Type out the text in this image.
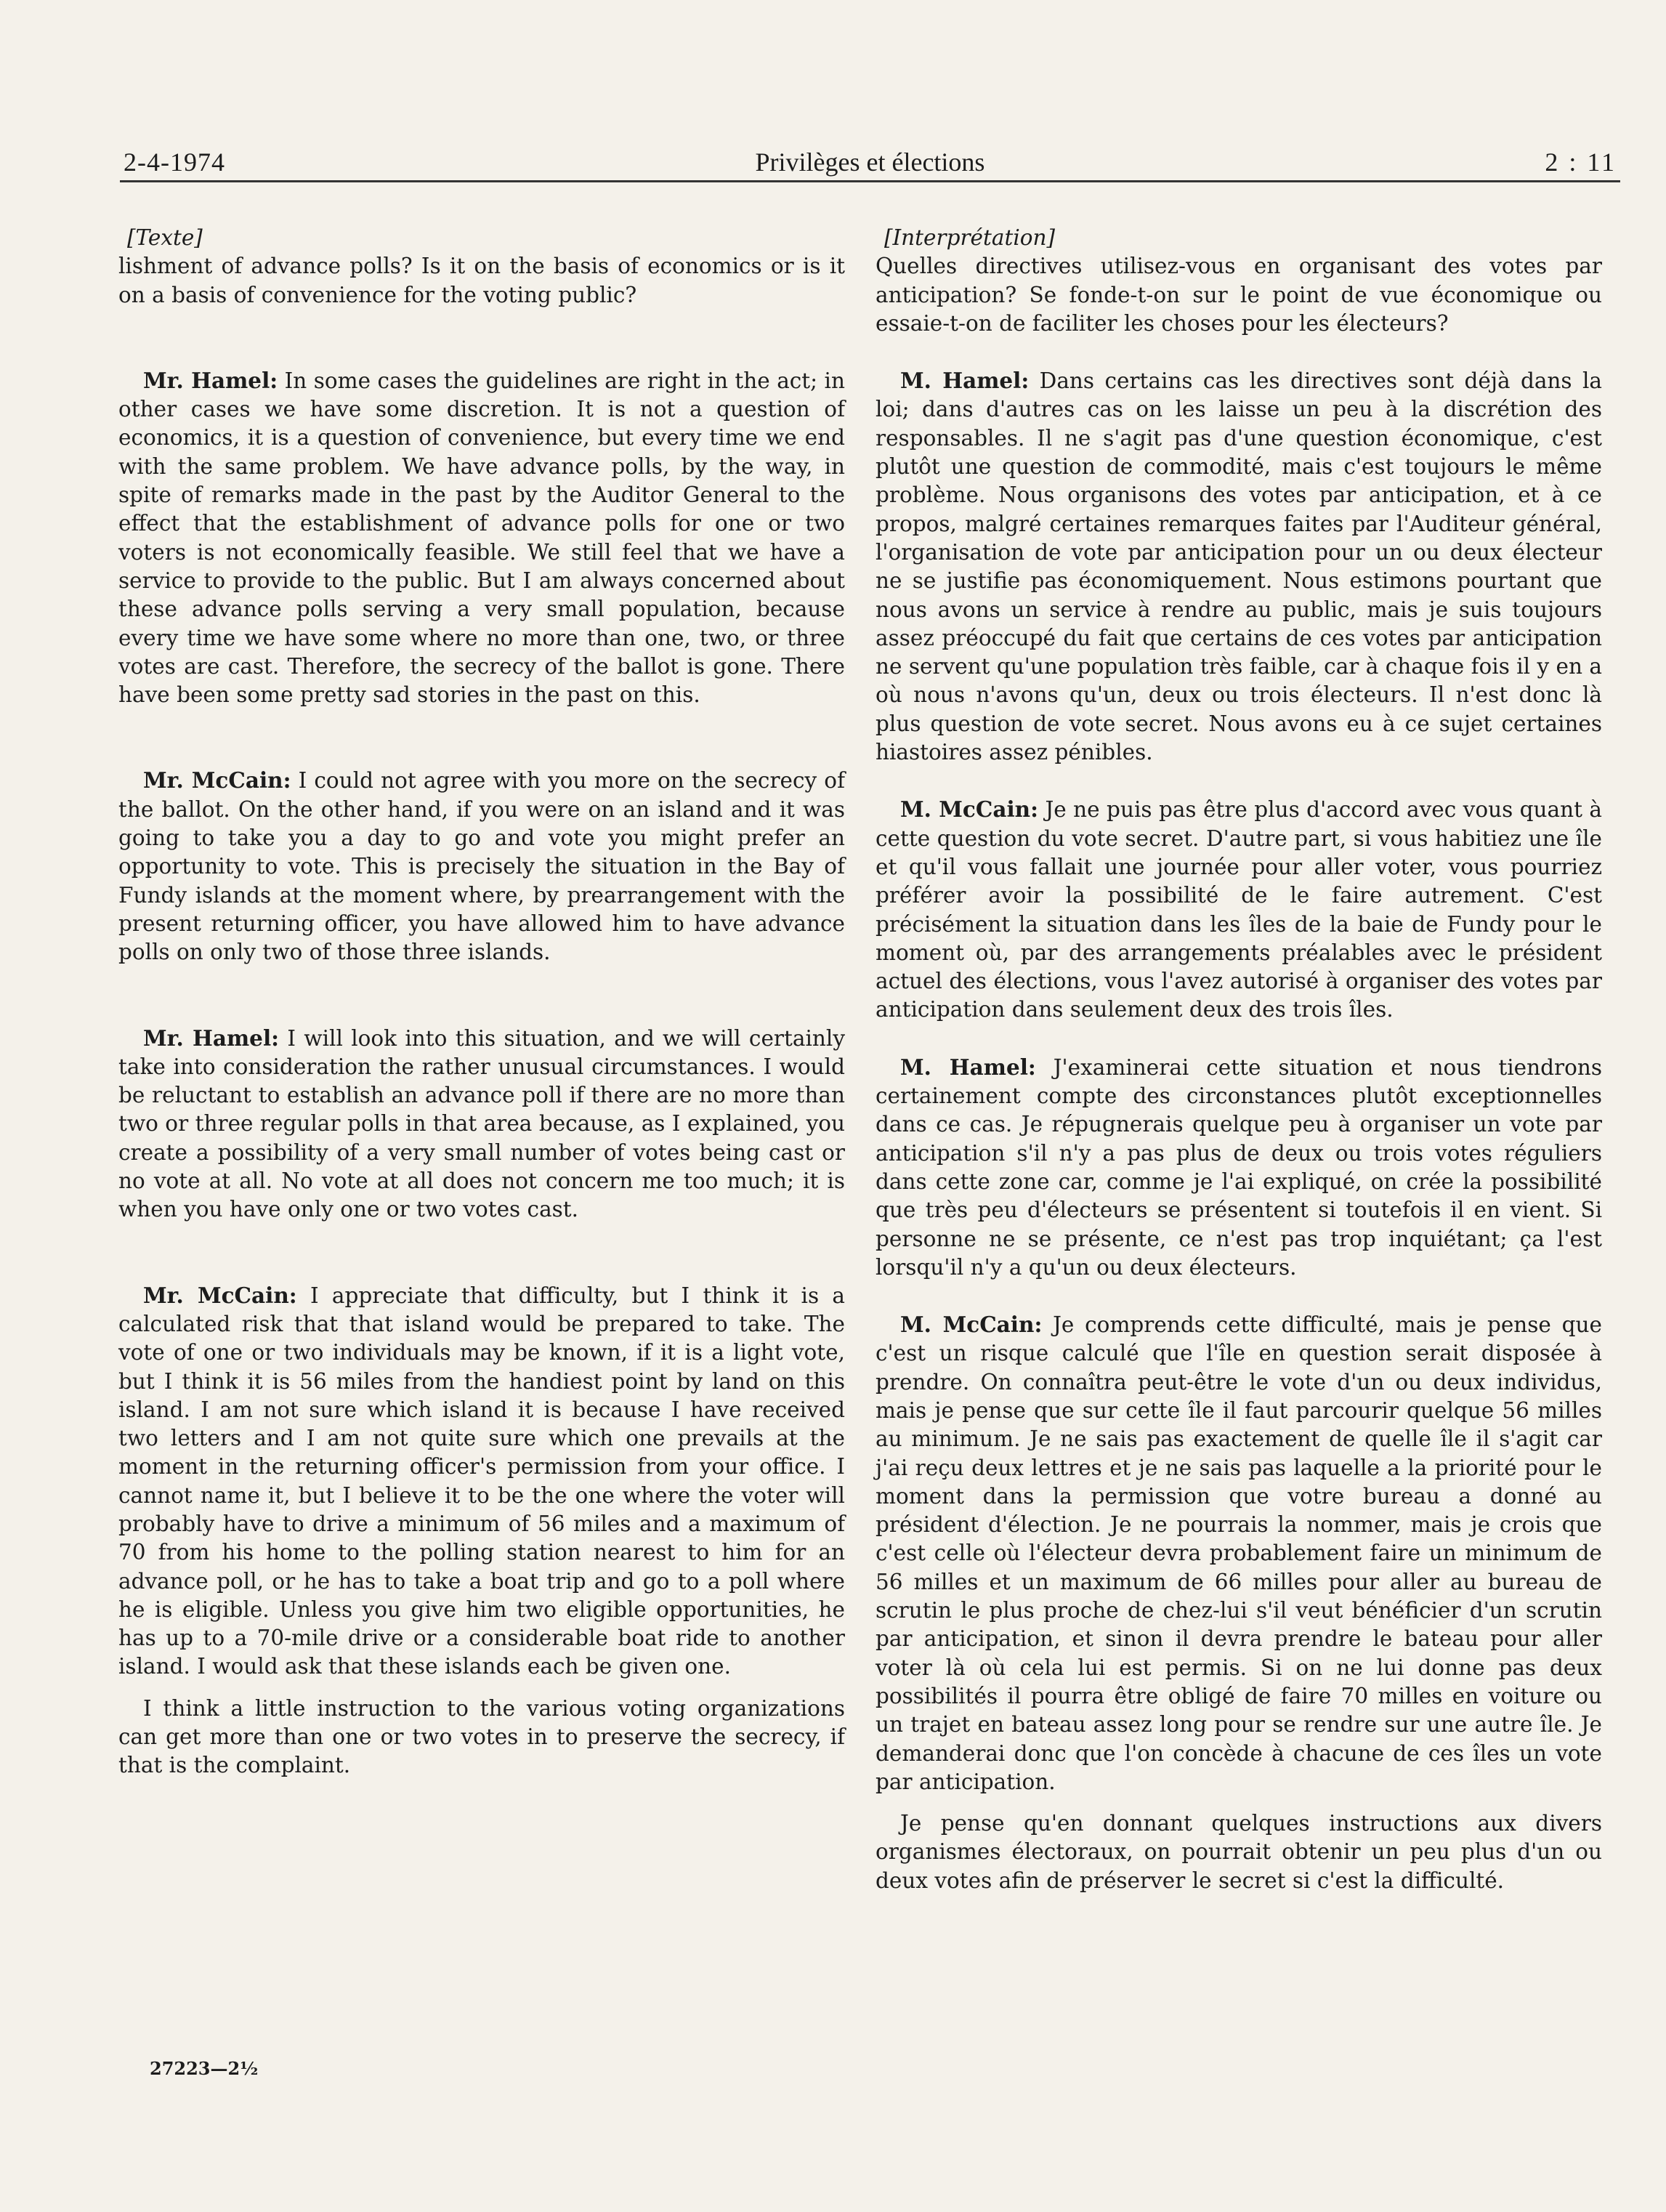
2-4-1974	Privilèges et élections	2 : 11

[Texte]

lishment of advance polls? Is it on the basis of economics or is it on a basis of convenience for the voting public?

Mr. Hamel: In some cases the guidelines are right in the act; in other cases we have some discretion. It is not a question of economics, it is a question of convenience, but every time we end with the same problem. We have advance polls, by the way, in spite of remarks made in the past by the Auditor General to the effect that the establishment of advance polls for one or two voters is not economically feasible. We still feel that we have a service to provide to the public. But I am always concerned about these advance polls serving a very small population, because every time we have some where no more than one, two, or three votes are cast. Therefore, the secrecy of the ballot is gone. There have been some pretty sad stories in the past on this.

Mr. McCain: I could not agree with you more on the secrecy of the ballot. On the other hand, if you were on an island and it was going to take you a day to go and vote you might prefer an opportunity to vote. This is precisely the situation in the Bay of Fundy islands at the moment where, by prearrangement with the present returning officer, you have allowed him to have advance polls on only two of those three islands.

Mr. Hamel: I will look into this situation, and we will certainly take into consideration the rather unusual circumstances. I would be reluctant to establish an advance poll if there are no more than two or three regular polls in that area because, as I explained, you create a possibility of a very small number of votes being cast or no vote at all. No vote at all does not concern me too much; it is when you have only one or two votes cast.

Mr. McCain: I appreciate that difficulty, but I think it is a calculated risk that that island would be prepared to take. The vote of one or two individuals may be known, if it is a light vote, but I think it is 56 miles from the handiest point by land on this island. I am not sure which island it is because I have received two letters and I am not quite sure which one prevails at the moment in the returning officer's permission from your office. I cannot name it, but I believe it to be the one where the voter will probably have to drive a minimum of 56 miles and a maximum of 70 from his home to the polling station nearest to him for an advance poll, or he has to take a boat trip and go to a poll where he is eligible. Unless you give him two eligible opportunities, he has up to a 70-mile drive or a considerable boat ride to another island. I would ask that these islands each be given one.

I think a little instruction to the various voting organizations can get more than one or two votes in to preserve the secrecy, if that is the complaint.

[Interprétation]

Quelles directives utilisez-vous en organisant des votes par anticipation? Se fonde-t-on sur le point de vue économique ou essaie-t-on de faciliter les choses pour les électeurs?

M. Hamel: Dans certains cas les directives sont déjà dans la loi; dans d'autres cas on les laisse un peu à la discrétion des responsables. Il ne s'agit pas d'une question économique, c'est plutôt une question de commodité, mais c'est toujours le même problème. Nous organisons des votes par anticipation, et à ce propos, malgré certaines remarques faites par l'Auditeur général, l'organisation de vote par anticipation pour un ou deux électeur ne se justifie pas économiquement. Nous estimons pourtant que nous avons un service à rendre au public, mais je suis toujours assez préoccupé du fait que certains de ces votes par anticipation ne servent qu'une population très faible, car à chaque fois il y en a où nous n'avons qu'un, deux ou trois électeurs. Il n'est donc là plus question de vote secret. Nous avons eu à ce sujet certaines hiastoires assez pénibles.

M. McCain: Je ne puis pas être plus d'accord avec vous quant à cette question du vote secret. D'autre part, si vous habitiez une île et qu'il vous fallait une journée pour aller voter, vous pourriez préférer avoir la possibilité de le faire autrement. C'est précisément la situation dans les îles de la baie de Fundy pour le moment où, par des arrangements préalables avec le président actuel des élections, vous l'avez autorisé à organiser des votes par anticipation dans seulement deux des trois îles.

M. Hamel: J'examinerai cette situation et nous tiendrons certainement compte des circonstances plutôt exceptionnelles dans ce cas. Je répugnerais quelque peu à organiser un vote par anticipation s'il n'y a pas plus de deux ou trois votes réguliers dans cette zone car, comme je l'ai expliqué, on crée la possibilité que très peu d'électeurs se présentent si toutefois il en vient. Si personne ne se présente, ce n'est pas trop inquiétant; ça l'est lorsqu'il n'y a qu'un ou deux électeurs.

M. McCain: Je comprends cette difficulté, mais je pense que c'est un risque calculé que l'île en question serait disposée à prendre. On connaîtra peut-être le vote d'un ou deux individus, mais je pense que sur cette île il faut parcourir quelque 56 milles au minimum. Je ne sais pas exactement de quelle île il s'agit car j'ai reçu deux lettres et je ne sais pas laquelle a la priorité pour le moment dans la permission que votre bureau a donné au président d'élection. Je ne pourrais la nommer, mais je crois que c'est celle où l'électeur devra probablement faire un minimum de 56 milles et un maximum de 66 milles pour aller au bureau de scrutin le plus proche de chez-lui s'il veut bénéficier d'un scrutin par anticipation, et sinon il devra prendre le bateau pour aller voter là où cela lui est permis. Si on ne lui donne pas deux possibilités il pourra être obligé de faire 70 milles en voiture ou un trajet en bateau assez long pour se rendre sur une autre île. Je demanderai donc que l'on concède à chacune de ces îles un vote par anticipation.

Je pense qu'en donnant quelques instructions aux divers organismes électoraux, on pourrait obtenir un peu plus d'un ou deux votes afin de préserver le secret si c'est la difficulté.

27223—2½
